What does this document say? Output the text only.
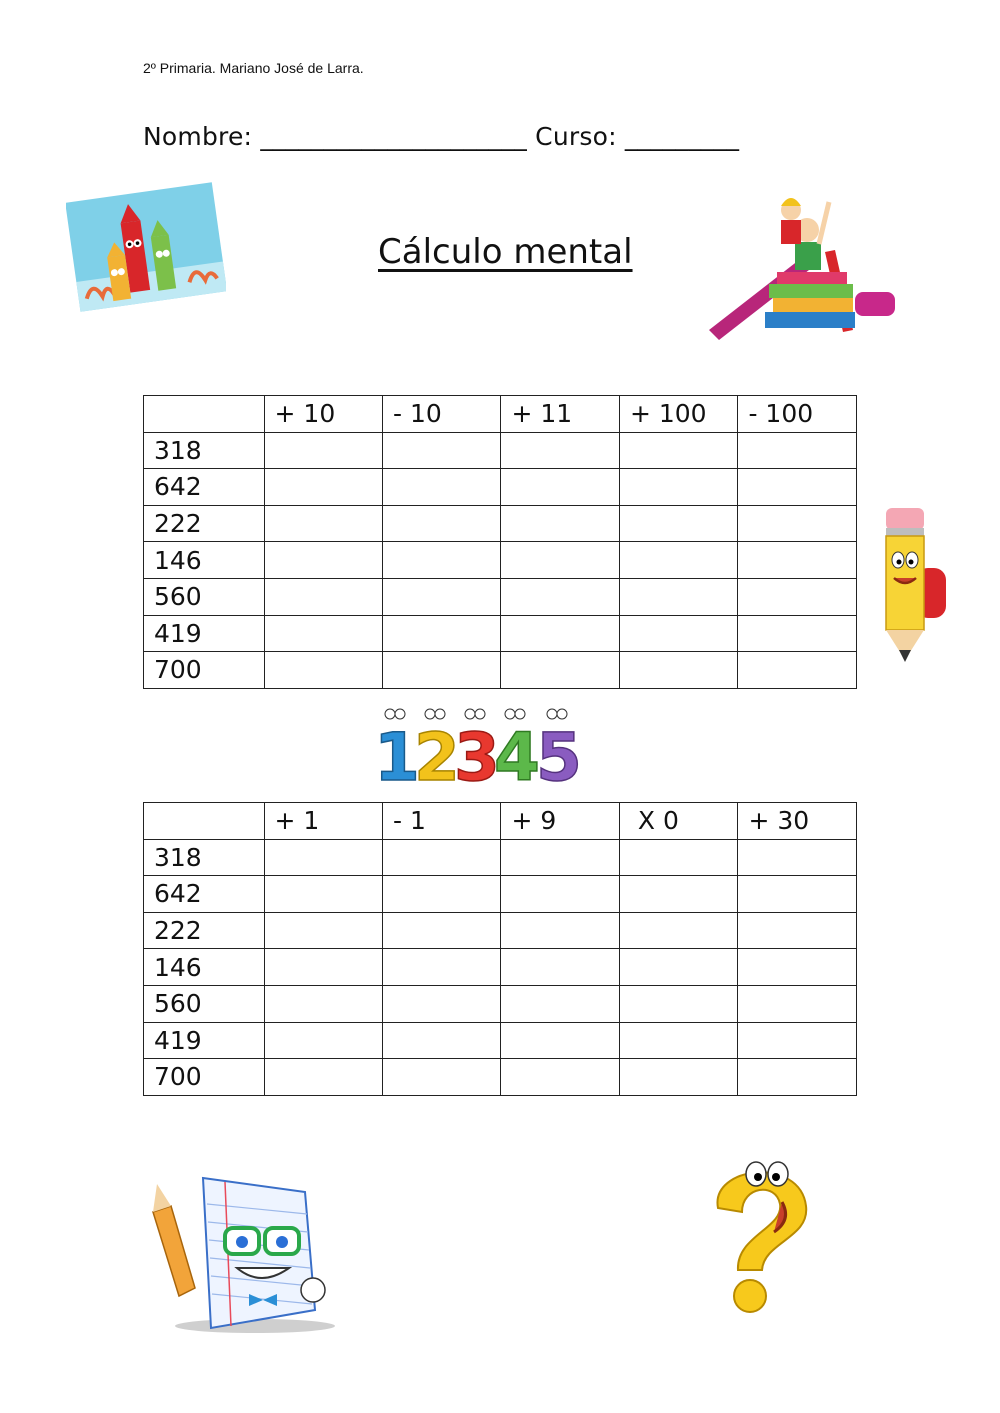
2º Primaria. Mariano José de Larra.
Nombre: _____________________ Curso: _________
Cálculo mental
	+ 10	- 10	+ 11	+ 100	- 100
318					
642					
222					
146					
560					
419					
700					
1
2
3
4
5
	+ 1	- 1	+ 9	X 0	+ 30
318					
642					
222					
146					
560					
419					
700					
